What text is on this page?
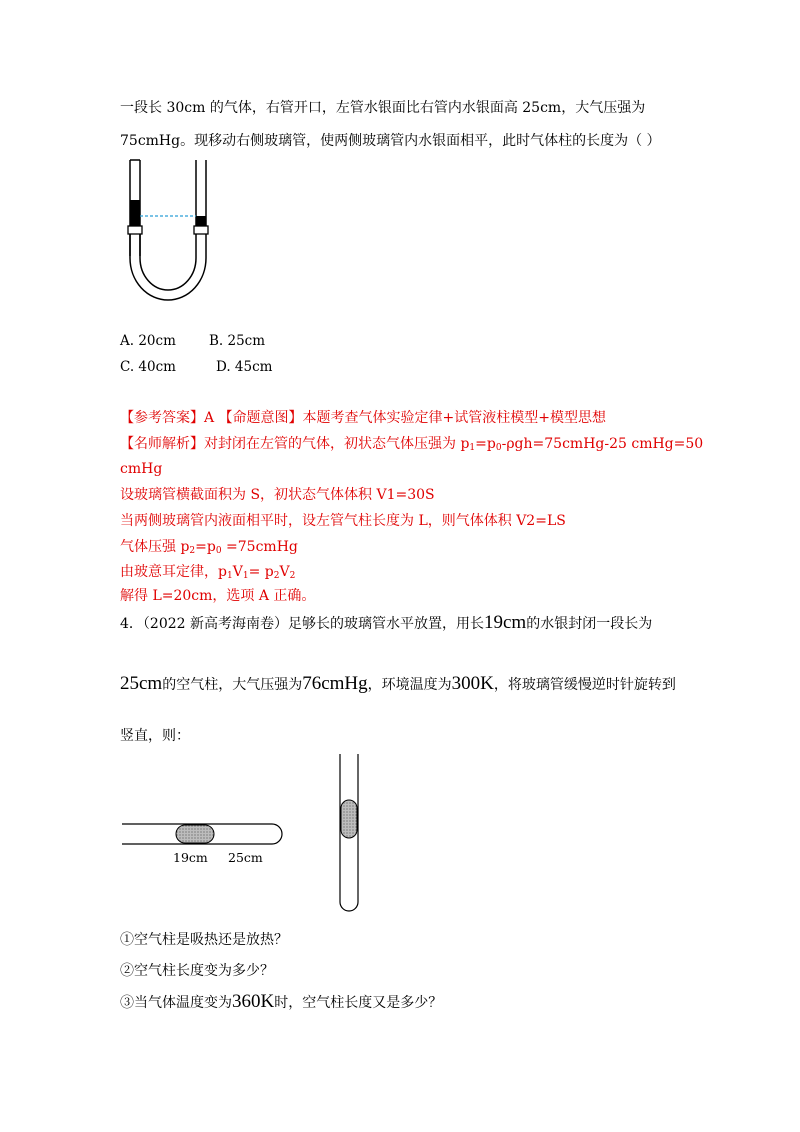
一段长 30cm 的气体，右管开口，左管水银面比右管内水银面高 25cm，大气压强为
75cmHg。现移动右侧玻璃管，使两侧玻璃管内水银面相平，此时气体柱的长度为（ ）
A. 20cm B. 25cm
C. 40cm	D. 45cm
【参考答案】A 【命题意图】本题考查气体实验定律+试管液柱模型+模型思想
【名师解析】对封闭在左管的气体，初状态气体压强为 $p_1=p_0-\rho gh=75cmHg-25$ cmHg=50
cmHg
设玻璃管横截面积为 S，初状态气体体积 V1=30S
当两侧玻璃管内液面相平时，设左管气柱长度为 L，则气体体积 V2=LS
气体压强 $p_2=p_0$ =75cmHg
由玻意耳定律，$p_1V_1= p_2V_2$
解得 L=20cm，选项 A 正确。
4．（2022 新高考海南卷）足够长的玻璃管水平放置，用长19cm的水银封闭一段长为
25cm的空气柱，大气压强为76cmHg，环境温度为300K，将玻璃管缓慢逆时针旋转到
竖直，则：
19cm 25cm
①空气柱是吸热还是放热？
②空气柱长度变为多少？
③当气体温度变为360K时，空气柱长度又是多少？
